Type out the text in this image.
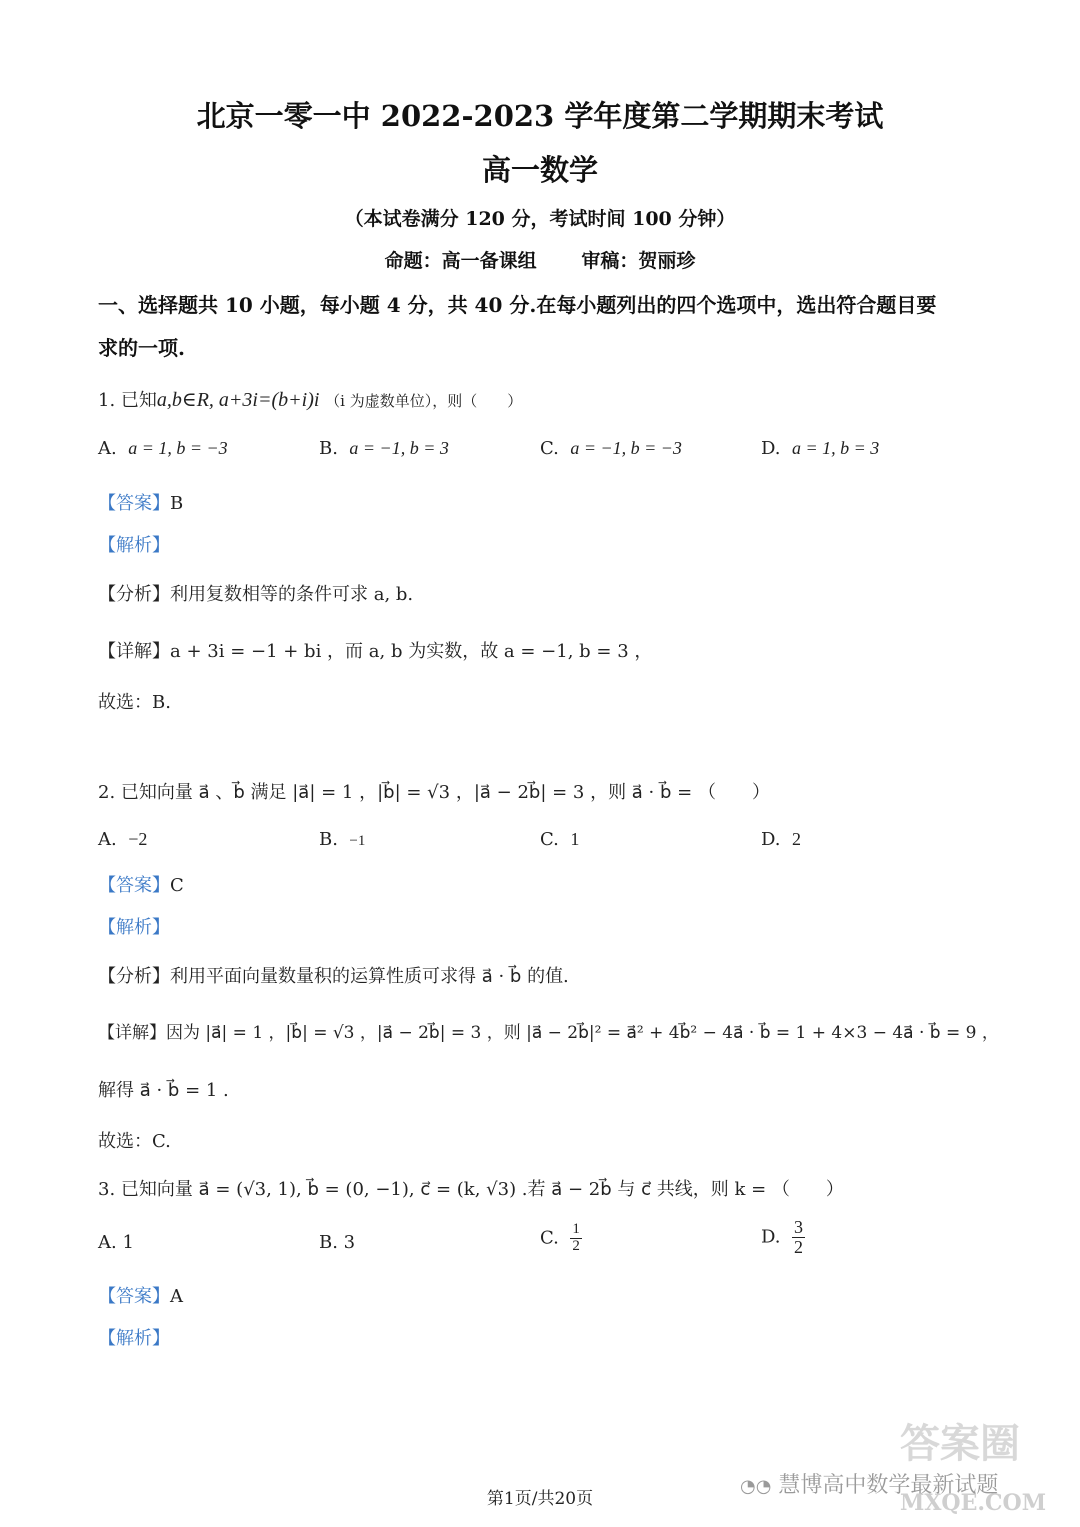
北京一零一中 2022-2023 学年度第二学期期末考试
高一数学
（本试卷满分 120 分，考试时间 100 分钟）
命题：高一备课组   审稿：贺丽珍
一、选择题共 10 小题，每小题 4 分，共 40 分.在每小题列出的四个选项中，选出符合题目要
求的一项.
1. 已知a,b∈R, a+3i=(b+i)i （i 为虚数单位），则（　　）
A. a = 1, b = −3	B. a = −1, b = 3	C. a = −1, b = −3	D. a = 1, b = 3
【答案】B
【解析】
【分析】利用复数相等的条件可求 a, b.
【详解】a + 3i = −1 + bi ，而 a, b 为实数，故 a = −1, b = 3 ，
故选：B.
2. 已知向量 a⃗ 、b⃗ 满足 |a⃗| = 1 ，|b⃗| = √3 ，|a⃗ − 2b⃗| = 3 ，则 a⃗ · b⃗ = （　　）
A. −2	B. −1	C. 1	D. 2
【答案】C
【解析】
【分析】利用平面向量数量积的运算性质可求得 a⃗ · b⃗ 的值.
【详解】因为 |a⃗| = 1 ，|b⃗| = √3 ，|a⃗ − 2b⃗| = 3 ，则 |a⃗ − 2b⃗|² = a⃗² + 4b⃗² − 4a⃗ · b⃗ = 1 + 4×3 − 4a⃗ · b⃗ = 9 ，
解得 a⃗ · b⃗ = 1 .
故选：C.
3. 已知向量 a⃗ = (√3, 1), b⃗ = (0, −1), c⃗ = (k, √3) .若 a⃗ − 2b⃗ 与 c⃗ 共线，则 k = （　　）
A. 1	B. 3	C. $\frac{1}{2}$	D. $\frac{3}{2}$
【答案】A
【解析】
答案圈
◔◔ 慧博高中数学最新试题
MXQE.COM
第1页/共20页
